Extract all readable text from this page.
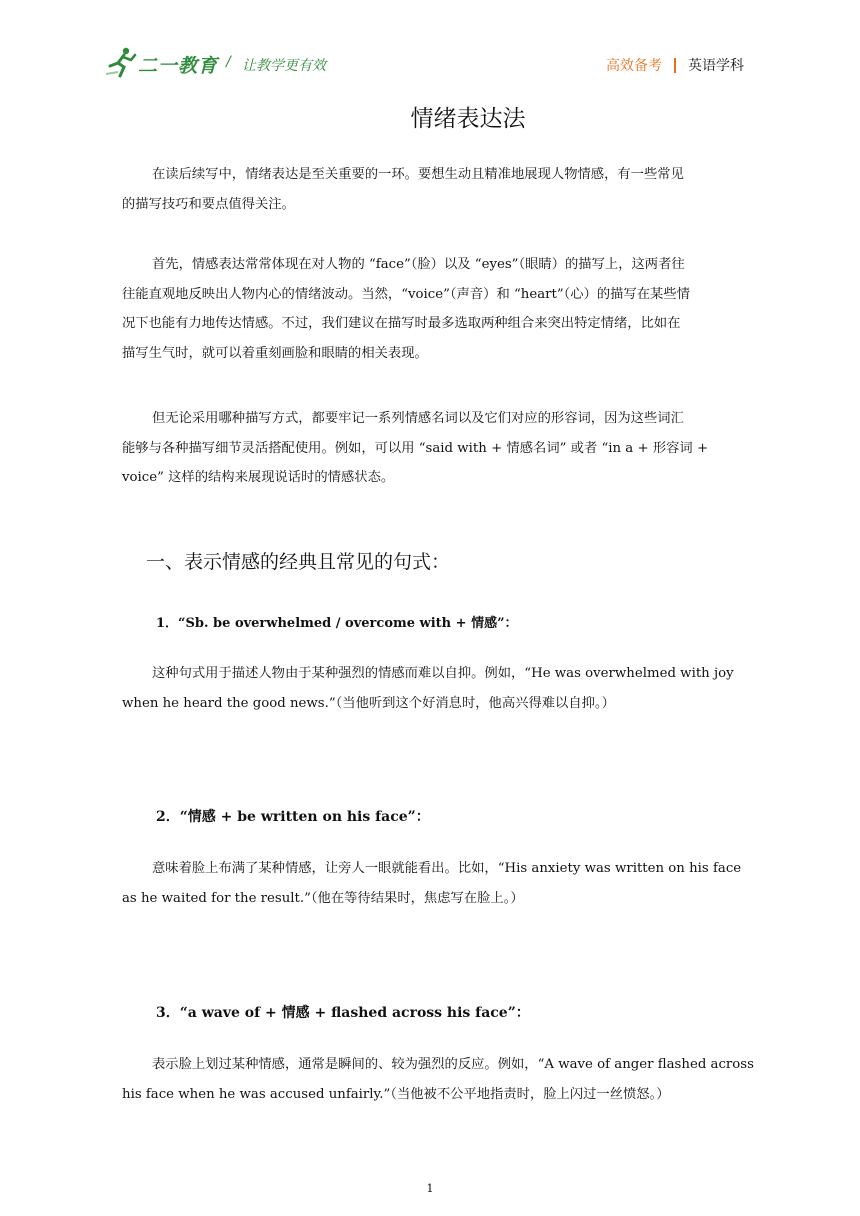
二一教育 / 让教学更有效	高效备考 英语学科
情绪表达法

在读后续写中，情绪表达是至关重要的一环。要想生动且精准地展现人物情感，有一些常见
的描写技巧和要点值得关注。

首先，情感表达常常体现在对人物的 “face”（脸）以及 “eyes”（眼睛）的描写上，这两者往
往能直观地反映出人物内心的情绪波动。当然，“voice”（声音）和 “heart”（心）的描写在某些情
况下也能有力地传达情感。不过，我们建议在描写时最多选取两种组合来突出特定情绪，比如在
描写生气时，就可以着重刻画脸和眼睛的相关表现。

但无论采用哪种描写方式，都要牢记一系列情感名词以及它们对应的形容词，因为这些词汇
能够与各种描写细节灵活搭配使用。例如，可以用 “said with + 情感名词” 或者 “in a + 形容词 +
voice” 这样的结构来展现说话时的情感状态。

一、表示情感的经典且常见的句式：
1．“Sb. be overwhelmed / overcome with + 情感”：

这种句式用于描述人物由于某种强烈的情感而难以自抑。例如，“He was overwhelmed with joy
when he heard the good news.”（当他听到这个好消息时，他高兴得难以自抑。）

2．“情感 + be written on his face”：

意味着脸上布满了某种情感，让旁人一眼就能看出。比如，“His anxiety was written on his face
as he waited for the result.”（他在等待结果时，焦虑写在脸上。）

3．“a wave of + 情感 + flashed across his face”：

表示脸上划过某种情感，通常是瞬间的、较为强烈的反应。例如，“A wave of anger flashed across
his face when he was accused unfairly.”（当他被不公平地指责时，脸上闪过一丝愤怒。）

1
